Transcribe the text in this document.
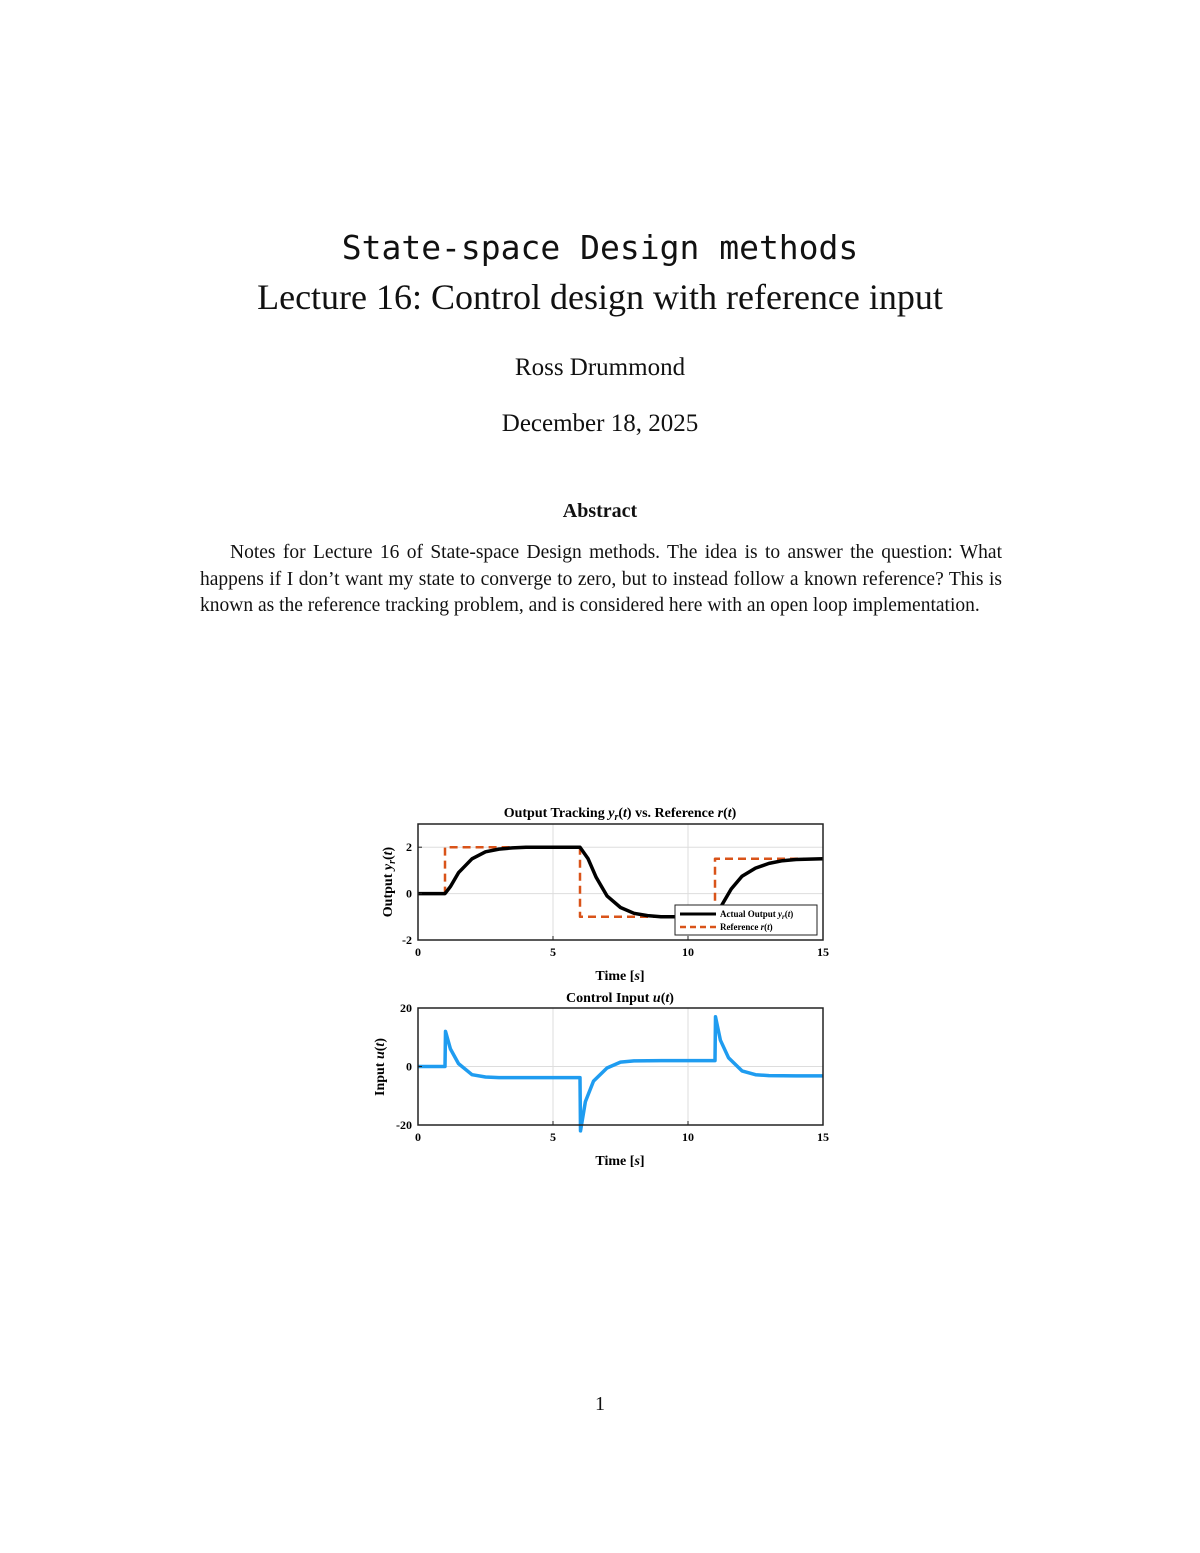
State-space Design methods
Lecture 16: Control design with reference input
Ross Drummond
December 18, 2025
Abstract
Notes for Lecture 16 of State-space Design methods. The idea is to answer the question: What happens if I don’t want my state to converge to zero, but to instead follow a known reference? This is known as the reference tracking problem, and is considered here with an open loop implementation.
Output Tracking $y_r(t)$ vs. Reference r(t)
0	5	10	15
-2
0
2
Time [s]
Output $y_r(t)$
Actual Output $y_r(t)$
Reference r(t)
Control Input u(t)
0	5	10	15
-20
0
20
Time [s]
Input u(t)
1
